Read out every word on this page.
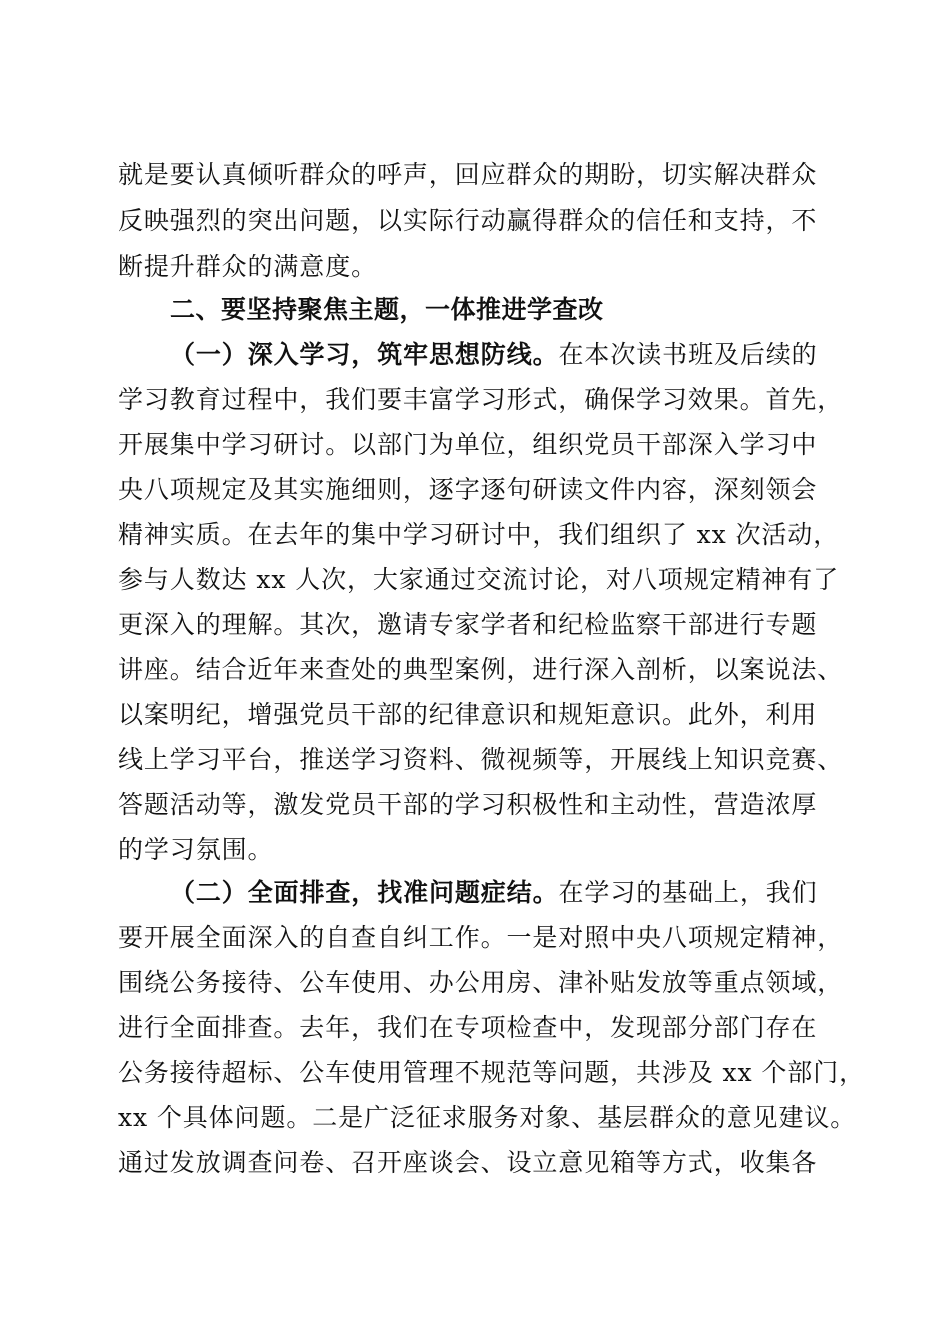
就是要认真倾听群众的呼声，回应群众的期盼，切实解决群众
反映强烈的突出问题，以实际行动赢得群众的信任和支持，不
断提升群众的满意度。
二、要坚持聚焦主题，一体推进学查改
（一）深入学习，筑牢思想防线。在本次读书班及后续的
学习教育过程中，我们要丰富学习形式，确保学习效果。首先，
开展集中学习研讨。以部门为单位，组织党员干部深入学习中
央八项规定及其实施细则，逐字逐句研读文件内容，深刻领会
精神实质。在去年的集中学习研讨中，我们组织了 xx 次活动，
参与人数达 xx 人次，大家通过交流讨论，对八项规定精神有了
更深入的理解。其次，邀请专家学者和纪检监察干部进行专题
讲座。结合近年来查处的典型案例，进行深入剖析，以案说法、
以案明纪，增强党员干部的纪律意识和规矩意识。此外，利用
线上学习平台，推送学习资料、微视频等，开展线上知识竞赛、
答题活动等，激发党员干部的学习积极性和主动性，营造浓厚
的学习氛围。
（二）全面排查，找准问题症结。在学习的基础上，我们
要开展全面深入的自查自纠工作。一是对照中央八项规定精神，
围绕公务接待、公车使用、办公用房、津补贴发放等重点领域，
进行全面排查。去年，我们在专项检查中，发现部分部门存在
公务接待超标、公车使用管理不规范等问题，共涉及 xx 个部门，
xx 个具体问题。二是广泛征求服务对象、基层群众的意见建议。
通过发放调查问卷、召开座谈会、设立意见箱等方式，收集各
